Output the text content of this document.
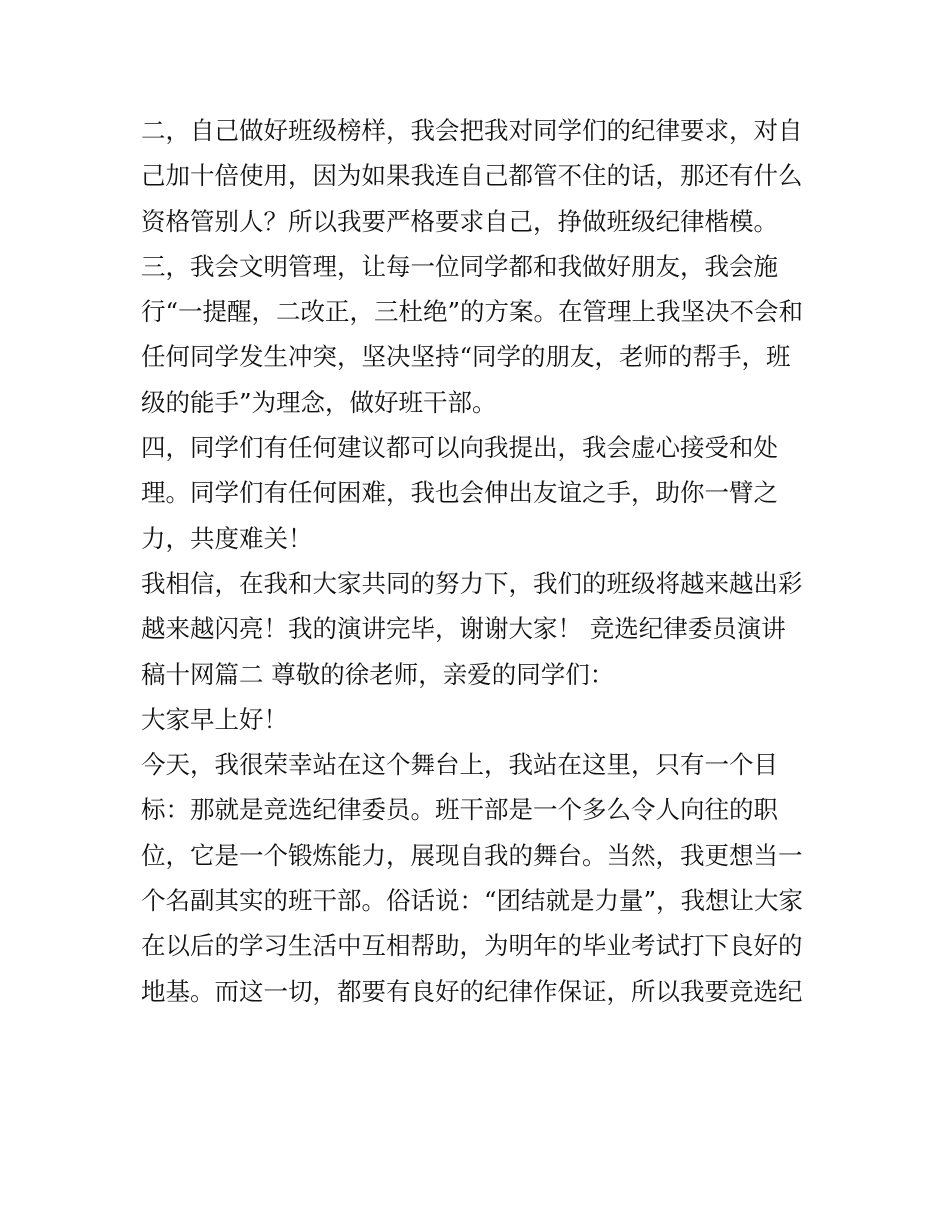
二，自己做好班级榜样，我会把我对同学们的纪律要求，对自
己加十倍使用，因为如果我连自己都管不住的话，那还有什么
资格管别人？所以我要严格要求自己，挣做班级纪律楷模。
三，我会文明管理，让每一位同学都和我做好朋友，我会施
行“一提醒，二改正，三杜绝”的方案。在管理上我坚决不会和
任何同学发生冲突，坚决坚持“同学的朋友，老师的帮手，班
级的能手”为理念，做好班干部。
四，同学们有任何建议都可以向我提出，我会虚心接受和处
理。同学们有任何困难，我也会伸出友谊之手，助你一臂之
力，共度难关！
我相信，在我和大家共同的努力下，我们的班级将越来越出彩
越来越闪亮！我的演讲完毕，谢谢大家！ 竞选纪律委员演讲
稿十网篇二 尊敬的徐老师，亲爱的同学们：
大家早上好！
今天，我很荣幸站在这个舞台上，我站在这里，只有一个目
标：那就是竞选纪律委员。班干部是一个多么令人向往的职
位，它是一个锻炼能力，展现自我的舞台。当然，我更想当一
个名副其实的班干部。俗话说：“团结就是力量”，我想让大家
在以后的学习生活中互相帮助，为明年的毕业考试打下良好的
地基。而这一切，都要有良好的纪律作保证，所以我要竞选纪
